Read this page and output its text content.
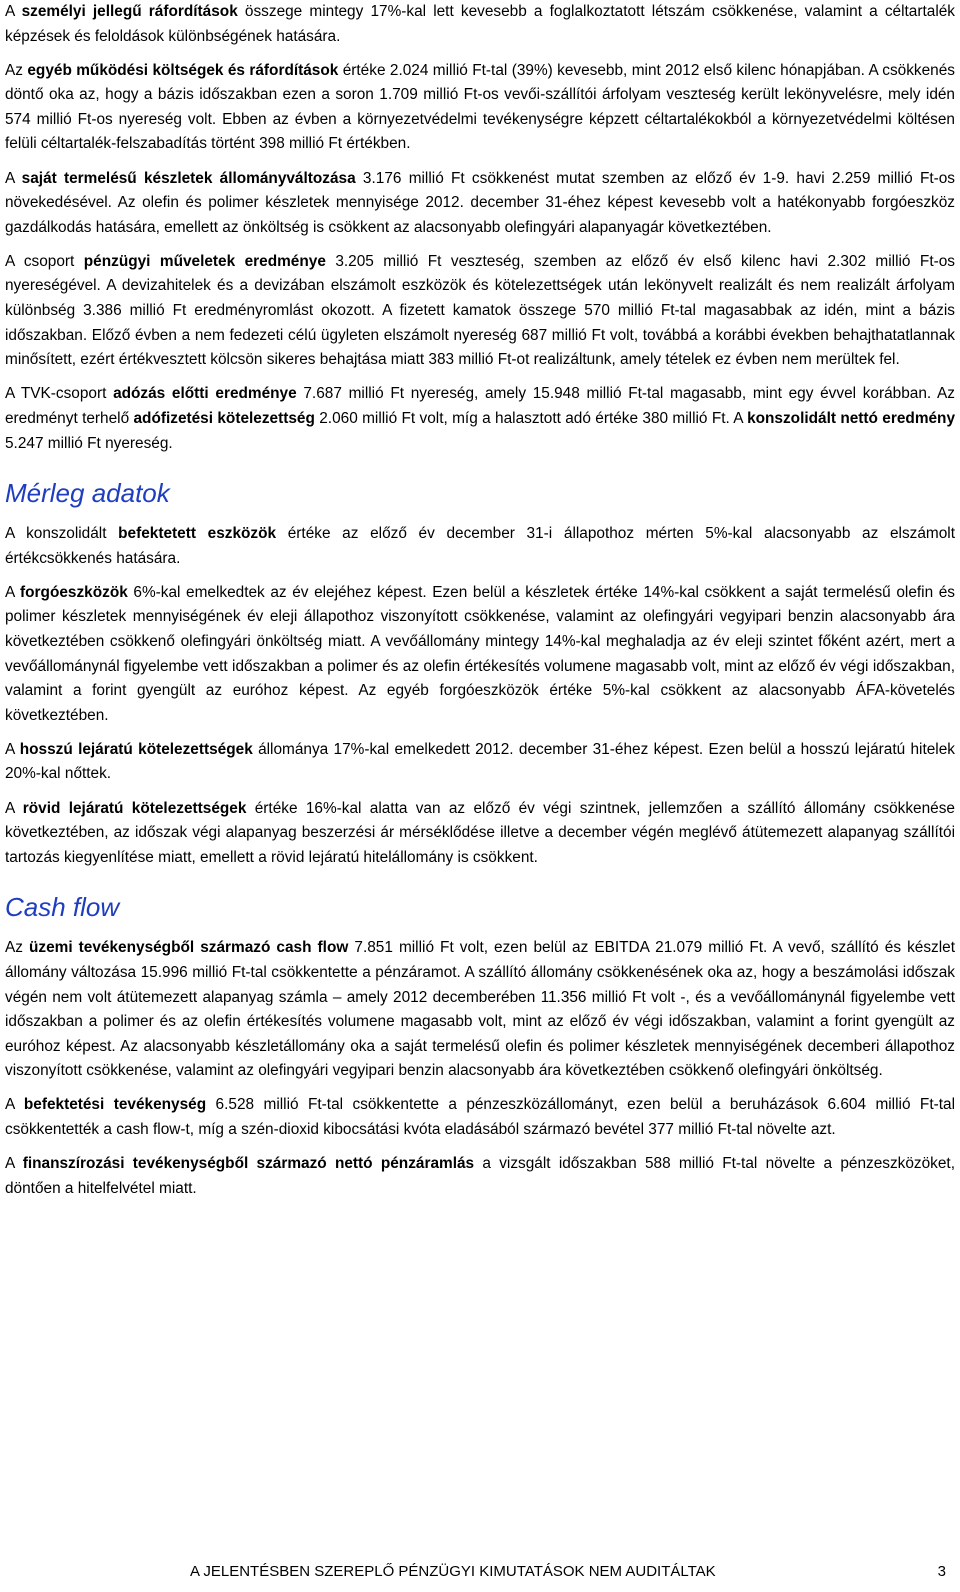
A személyi jellegű ráfordítások összege mintegy 17%-kal lett kevesebb a foglalkoztatott létszám csökkenése, valamint a céltartalék képzések és feloldások különbségének hatására.

Az egyéb működési költségek és ráfordítások értéke 2.024 millió Ft-tal (39%) kevesebb, mint 2012 első kilenc hónapjában. A csökkenés döntő oka az, hogy a bázis időszakban ezen a soron 1.709 millió Ft-os vevői-szállítói árfolyam veszteség került lekönyvelésre, mely idén 574 millió Ft-os nyereség volt. Ebben az évben a környezetvédelmi tevékenységre képzett céltartalékokból a környezetvédelmi költésen felüli céltartalék-felszabadítás történt 398 millió Ft értékben.

A saját termelésű készletek állományváltozása 3.176 millió Ft csökkenést mutat szemben az előző év 1-9. havi 2.259 millió Ft-os növekedésével. Az olefin és polimer készletek mennyisége 2012. december 31-éhez képest kevesebb volt a hatékonyabb forgóeszköz gazdálkodás hatására, emellett az önköltség is csökkent az alacsonyabb olefingyári alapanyagár következtében.

A csoport pénzügyi műveletek eredménye 3.205 millió Ft veszteség, szemben az előző év első kilenc havi 2.302 millió Ft-os nyereségével. A devizahitelek és a devizában elszámolt eszközök és kötelezettségek után lekönyvelt realizált és nem realizált árfolyam különbség 3.386 millió Ft eredményromlást okozott. A fizetett kamatok összege 570 millió Ft-tal magasabbak az idén, mint a bázis időszakban. Előző évben a nem fedezeti célú ügyleten elszámolt nyereség 687 millió Ft volt, továbbá a korábbi években behajthatatlannak minősített, ezért értékvesztett kölcsön sikeres behajtása miatt 383 millió Ft-ot realizáltunk, amely tételek ez évben nem merültek fel.

A TVK-csoport adózás előtti eredménye 7.687 millió Ft nyereség, amely 15.948 millió Ft-tal magasabb, mint egy évvel korábban. Az eredményt terhelő adófizetési kötelezettség 2.060 millió Ft volt, míg a halasztott adó értéke 380 millió Ft. A konszolidált nettó eredmény 5.247 millió Ft nyereség.

Mérleg adatok

A konszolidált befektetett eszközök értéke az előző év december 31-i állapothoz mérten 5%-kal alacsonyabb az elszámolt értékcsökkenés hatására.

A forgóeszközök 6%-kal emelkedtek az év elejéhez képest. Ezen belül a készletek értéke 14%-kal csökkent a saját termelésű olefin és polimer készletek mennyiségének év eleji állapothoz viszonyított csökkenése, valamint az olefingyári vegyipari benzin alacsonyabb ára következtében csökkenő olefingyári önköltség miatt. A vevőállomány mintegy 14%-kal meghaladja az év eleji szintet főként azért, mert a vevőállománynál figyelembe vett időszakban a polimer és az olefin értékesítés volumene magasabb volt, mint az előző év végi időszakban, valamint a forint gyengült az euróhoz képest. Az egyéb forgóeszközök értéke 5%-kal csökkent az alacsonyabb ÁFA-követelés következtében.

A hosszú lejáratú kötelezettségek állománya 17%-kal emelkedett 2012. december 31-éhez képest. Ezen belül a hosszú lejáratú hitelek 20%-kal nőttek.

A rövid lejáratú kötelezettségek értéke 16%-kal alatta van az előző év végi szintnek, jellemzően a szállító állomány csökkenése következtében, az időszak végi alapanyag beszerzési ár mérséklődése illetve a december végén meglévő átütemezett alapanyag szállítói tartozás kiegyenlítése miatt, emellett a rövid lejáratú hitelállomány is csökkent.

Cash flow

Az üzemi tevékenységből származó cash flow 7.851 millió Ft volt, ezen belül az EBITDA 21.079 millió Ft. A vevő, szállító és készlet állomány változása 15.996 millió Ft-tal csökkentette a pénzáramot. A szállító állomány csökkenésének oka az, hogy a beszámolási időszak végén nem volt átütemezett alapanyag számla – amely 2012 decemberében 11.356 millió Ft volt -, és a vevőállománynál figyelembe vett időszakban a polimer és az olefin értékesítés volumene magasabb volt, mint az előző év végi időszakban, valamint a forint gyengült az euróhoz képest. Az alacsonyabb készletállomány oka a saját termelésű olefin és polimer készletek mennyiségének decemberi állapothoz viszonyított csökkenése, valamint az olefingyári vegyipari benzin alacsonyabb ára következtében csökkenő olefingyári önköltség.

A befektetési tevékenység 6.528 millió Ft-tal csökkentette a pénzeszközállományt, ezen belül a beruházások 6.604 millió Ft-tal csökkentették a cash flow-t, míg a szén-dioxid kibocsátási kvóta eladásából származó bevétel 377 millió Ft-tal növelte azt.

A finanszírozási tevékenységből származó nettó pénzáramlás a vizsgált időszakban 588 millió Ft-tal növelte a pénzeszközöket, döntően a hitelfelvétel miatt.

A JELENTÉSBEN SZEREPLŐ PÉNZÜGYI KIMUTATÁSOK NEM AUDITÁLTAK	3
